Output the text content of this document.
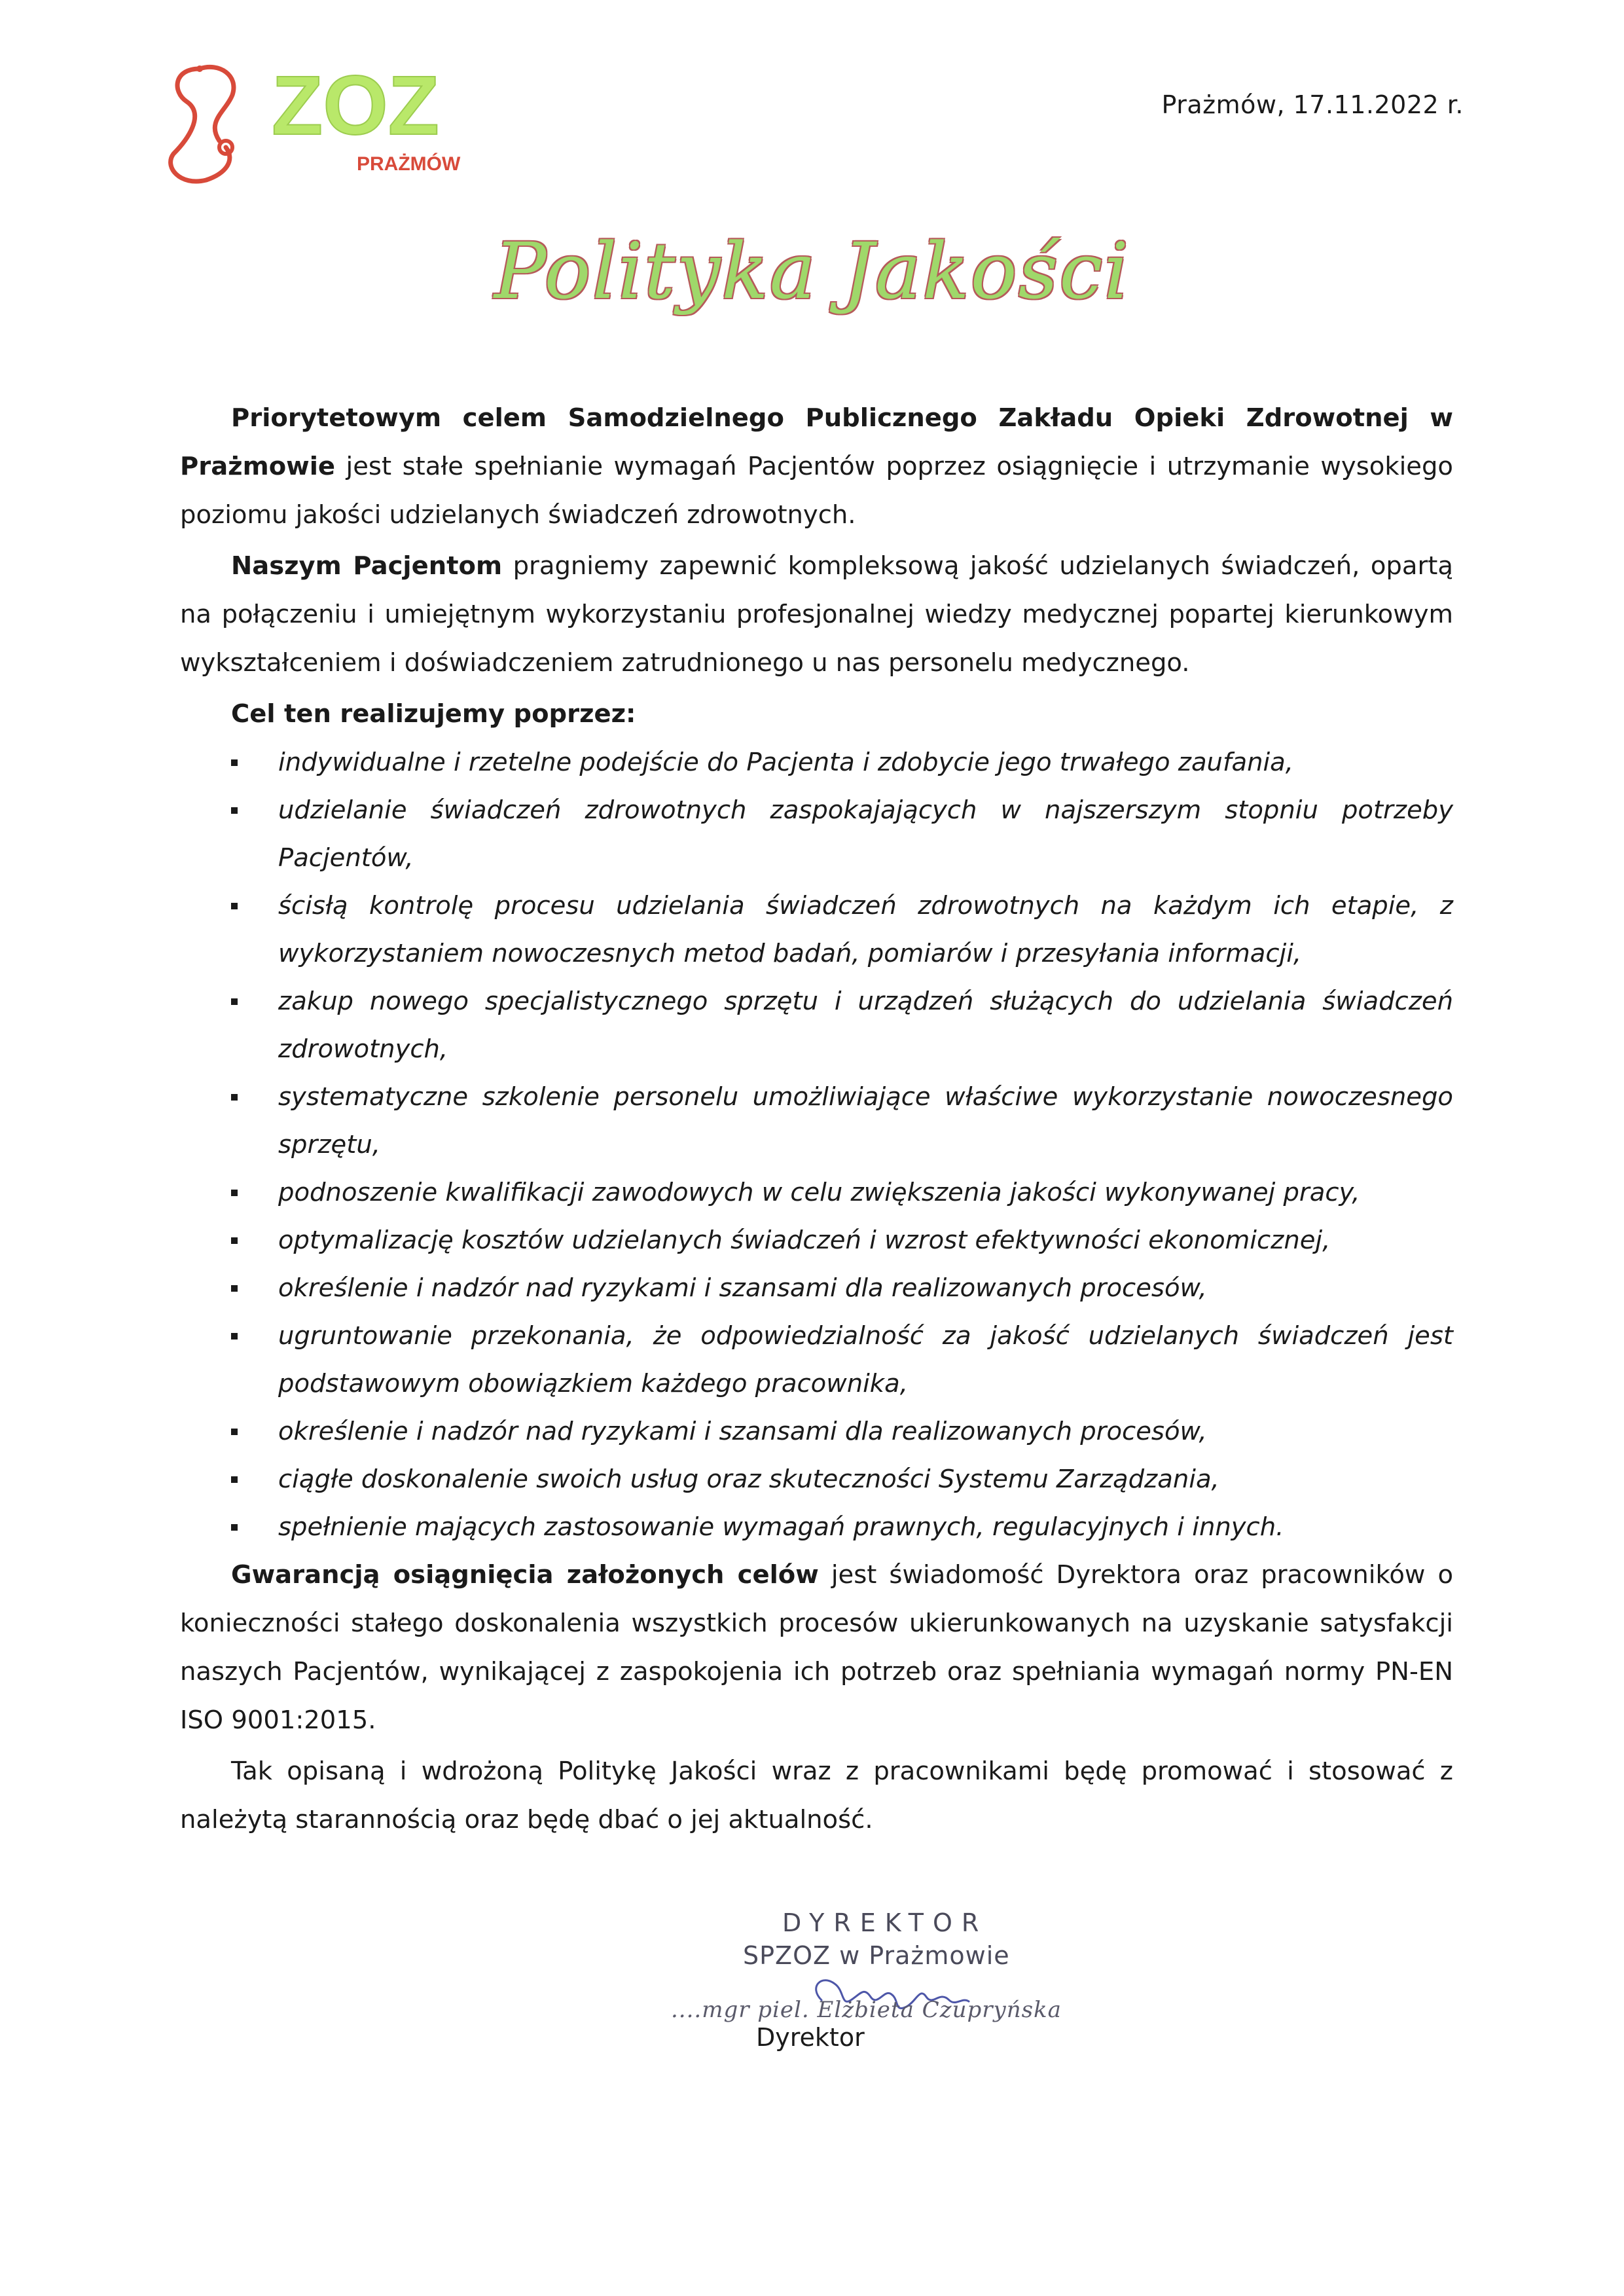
ZOZ
PRAŻMÓW
Prażmów, 17.11.2022 r.
Polityka Jakości

Priorytetowym celem Samodzielnego Publicznego Zakładu Opieki Zdrowotnej w Prażmowie jest stałe spełnianie wymagań Pacjentów poprzez osiągnięcie i utrzymanie wysokiego poziomu jakości udzielanych świadczeń zdrowotnych.

Naszym Pacjentom pragniemy zapewnić kompleksową jakość udzielanych świadczeń, opartą na połączeniu i umiejętnym wykorzystaniu profesjonalnej wiedzy medycznej popartej kierunkowym wykształceniem i doświadczeniem zatrudnionego u nas personelu medycznego.

Cel ten realizujemy poprzez:

indywidualne i rzetelne podejście do Pacjenta i zdobycie jego trwałego zaufania,
udzielanie świadczeń zdrowotnych zaspokajających w najszerszym stopniu potrzeby Pacjentów,
ścisłą kontrolę procesu udzielania świadczeń zdrowotnych na każdym ich etapie, z wykorzystaniem nowoczesnych metod badań, pomiarów i przesyłania informacji,
zakup nowego specjalistycznego sprzętu i urządzeń służących do udzielania świadczeń zdrowotnych,
systematyczne szkolenie personelu umożliwiające właściwe wykorzystanie nowoczesnego sprzętu,
podnoszenie kwalifikacji zawodowych w celu zwiększenia jakości wykonywanej pracy,
optymalizację kosztów udzielanych świadczeń i wzrost efektywności ekonomicznej,
określenie i nadzór nad ryzykami i szansami dla realizowanych procesów,
ugruntowanie przekonania, że odpowiedzialność za jakość udzielanych świadczeń jest podstawowym obowiązkiem każdego pracownika,
określenie i nadzór nad ryzykami i szansami dla realizowanych procesów,
ciągłe doskonalenie swoich usług oraz skuteczności Systemu Zarządzania,
spełnienie mających zastosowanie wymagań prawnych, regulacyjnych i innych.

Gwarancją osiągnięcia założonych celów jest świadomość Dyrektora oraz pracowników o konieczności stałego doskonalenia wszystkich procesów ukierunkowanych na uzyskanie satysfakcji naszych Pacjentów, wynikającej z zaspokojenia ich potrzeb oraz spełniania wymagań normy PN-EN ISO 9001:2015.

Tak opisaną i wdrożoną Politykę Jakości wraz z pracownikami będę promować i stosować z należytą starannością oraz będę dbać o jej aktualność.

DYREKTOR
SPZOZ w Prażmowie
....mgr piel. Elżbieta Czupryńska
Dyrektor
